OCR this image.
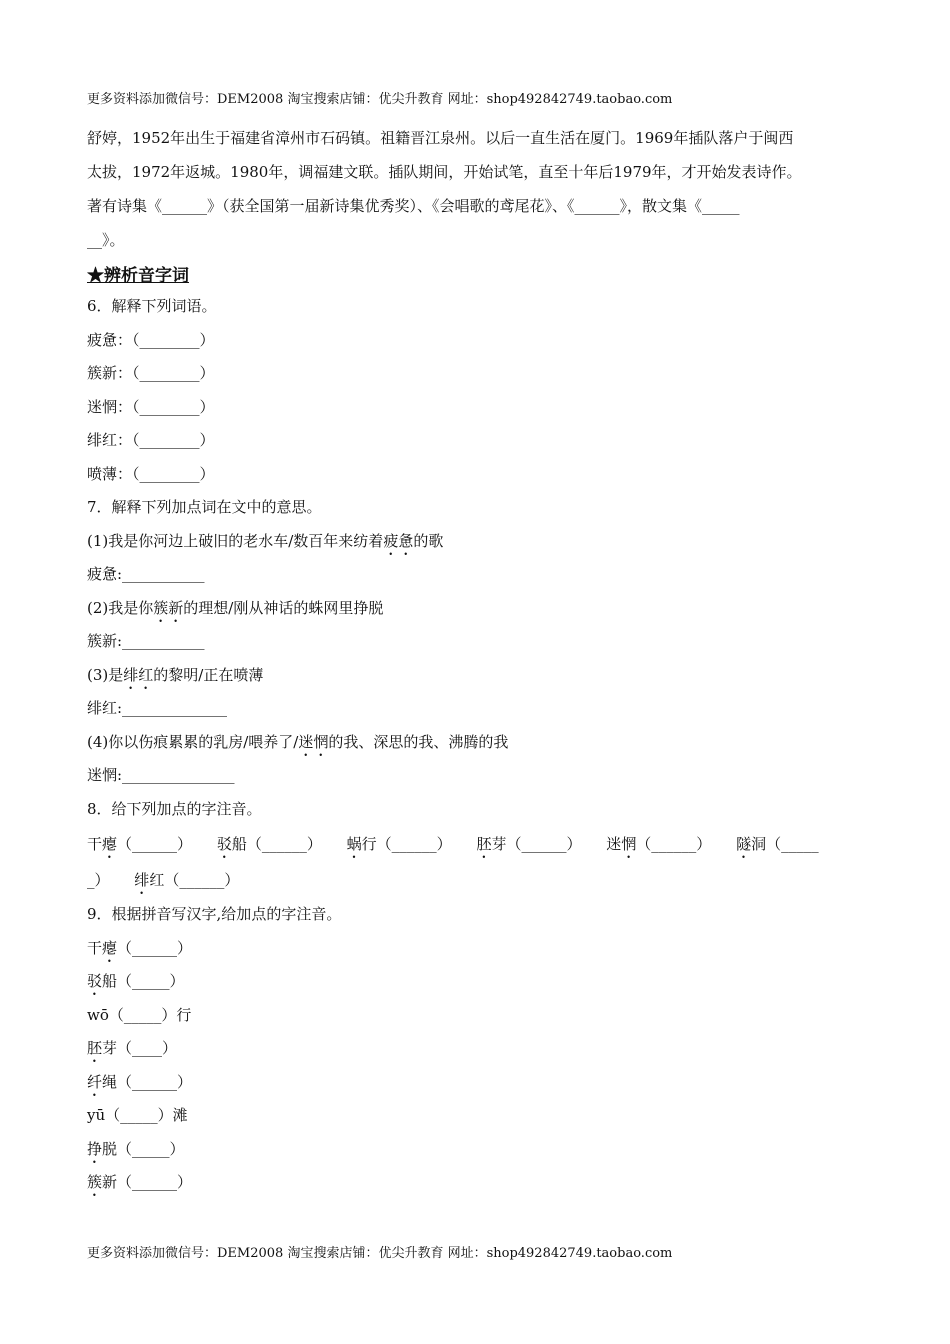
更多资料添加微信号：DEM2008 淘宝搜索店铺：优尖升教育 网址：shop492842749.taobao.com

舒婷，1952年出生于福建省漳州市石码镇。祖籍晋江泉州。以后一直生活在厦门。1969年插队落户于闽西

太拔，1972年返城。1980年，调福建文联。插队期间，开始试笔，直至十年后1979年，才开始发表诗作。

著有诗集《______》（获全国第一届新诗集优秀奖）、《会唱歌的鸢尾花》、《______》，散文集《_____

__》。

★辨析音字词
6．解释下列词语。
疲惫：（________）
簇新：（________）
迷惘：（________）
绯红：（________）
喷薄：（________）
7．解释下列加点词在文中的意思。
(1)我是你河边上破旧的老水车/数百年来纺着疲惫的歌
疲惫:___________
(2)我是你簇新的理想/刚从神话的蛛网里挣脱
簇新:___________
(3)是绯红的黎明/正在喷薄
绯红:______________
(4)你以伤痕累累的乳房/喂养了/迷惘的我、深思的我、沸腾的我
迷惘:_______________
8．给下列加点的字注音。
干瘪（______） 驳船（______） 蜗行（______） 胚芽（______） 迷惘（______） 隧洞（_____
_） 绯红（______）
9．根据拼音写汉字,给加点的字注音。
干瘪（______）
驳船（_____）
wō（_____）行
胚芽（____）
纤绳（______）
yū（_____）滩
挣脱（_____）
簇新（______）
更多资料添加微信号：DEM2008 淘宝搜索店铺：优尖升教育 网址：shop492842749.taobao.com
